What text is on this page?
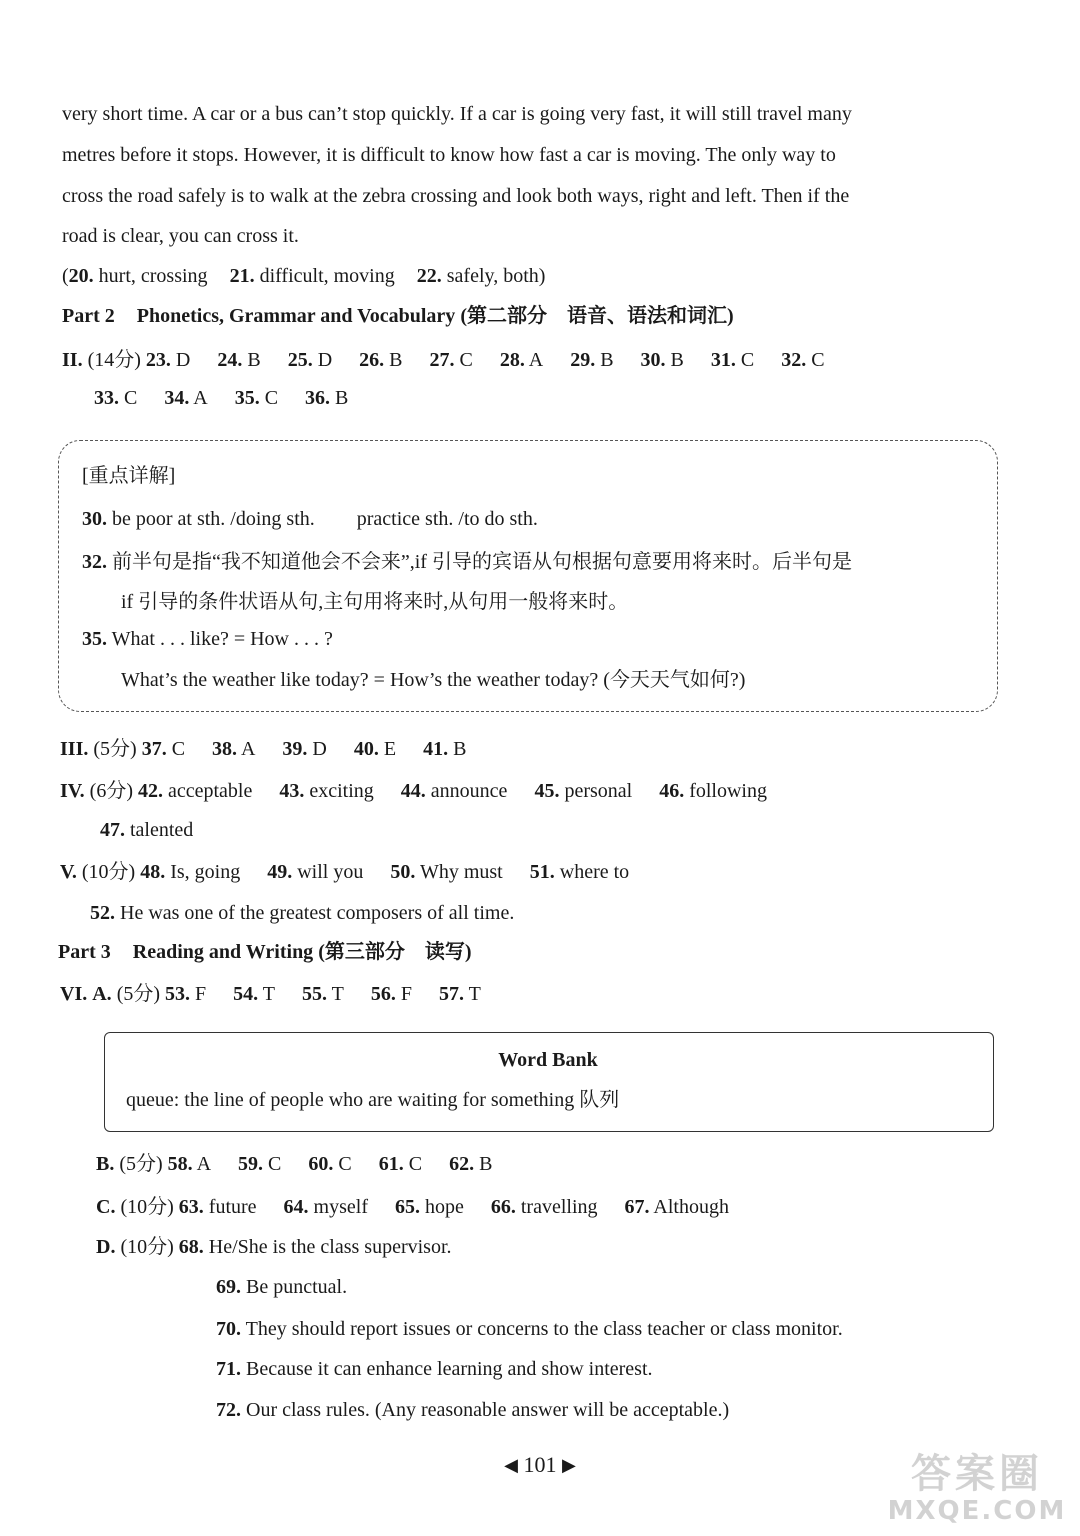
very short time. A car or a bus can’t stop quickly. If a car is going very fast, it will still travel many
metres before it stops. However, it is difficult to know how fast a car is moving. The only way to
cross the road safely is to walk at the zebra crossing and look both ways, right and left. Then if the
road is clear, you can cross it.
(20. hurt, crossing 21. difficult, moving 22. safely, both)
Part 2 Phonetics, Grammar and Vocabulary (第二部分　语音、语法和词汇)
II. (14分) 23. D 24. B 25. D 26. B 27. C 28. A 29. B 30. B 31. C 32. C
33. C 34. A 35. C 36. B
[重点详解]
30. be poor at sth. /doing sth. practice sth. /to do sth.
32. 前半句是指“我不知道他会不会来”,if 引导的宾语从句根据句意要用将来时。后半句是
if 引导的条件状语从句,主句用将来时,从句用一般将来时。
35. What . . . like? = How . . . ?
What’s the weather like today? = How’s the weather today? (今天天气如何?)
III. (5分) 37. C 38. A 39. D 40. E 41. B
IV. (6分) 42. acceptable 43. exciting 44. announce 45. personal 46. following
47. talented
V. (10分) 48. Is, going 49. will you 50. Why must 51. where to
52. He was one of the greatest composers of all time.
Part 3 Reading and Writing (第三部分　读写)
VI. A. (5分) 53. F 54. T 55. T 56. F 57. T
Word Bank
queue: the line of people who are waiting for something 队列
B. (5分) 58. A 59. C 60. C 61. C 62. B
C. (10分) 63. future 64. myself 65. hope 66. travelling 67. Although
D. (10分) 68. He/She is the class supervisor.
69. Be punctual.
70. They should report issues or concerns to the class teacher or class monitor.
71. Because it can enhance learning and show interest.
72. Our class rules. (Any reasonable answer will be acceptable.)
◀ 101 ▶	答案圈
MXQE.COM
